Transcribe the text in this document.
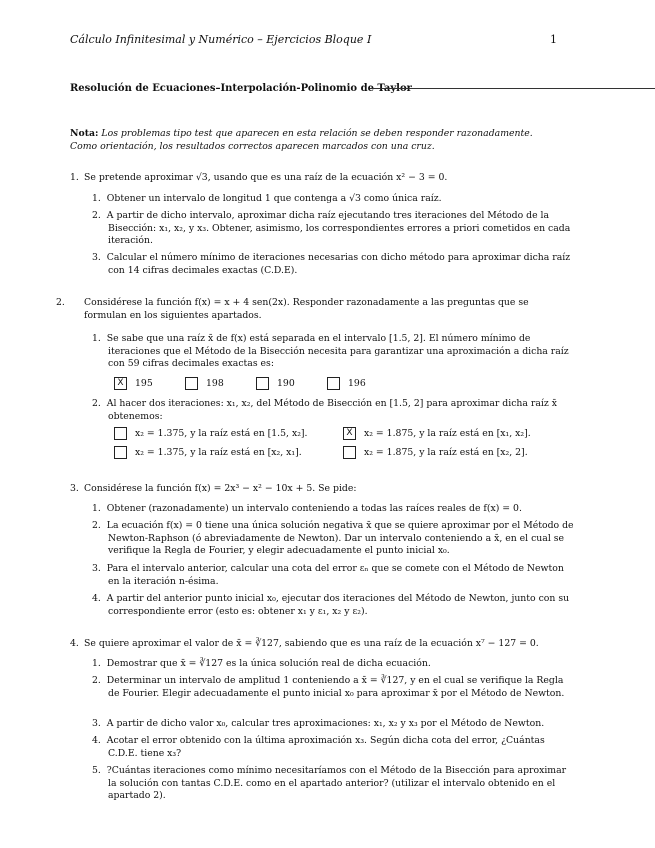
Cálculo Infinitesimal y Numérico – Ejercicios Bloque I	1
Resolución de Ecuaciones–Interpolación-Polinomio de Taylor
Nota: Los problemas tipo test que aparecen en esta relación se deben responder razonadamente. Como orientación, los resultados correctos aparecen marcados con una cruz.
1. Se pretende aproximar √3, usando que es una raíz de la ecuación x² − 3 = 0.
1.  Obtener un intervalo de longitud 1 que contenga a √3 como única raíz.
2.  A partir de dicho intervalo, aproximar dicha raíz ejecutando tres iteraciones del Método de la Bisección: x₁, x₂, y x₃. Obtener, asimismo, los correspondientes errores a priori cometidos en cada iteración.
3.  Calcular el número mínimo de iteraciones necesarias con dicho método para aproximar dicha raíz con 14 cifras decimales exactas (C.D.E).
2. Considérese la función f(x) = x + 4 sen(2x). Responder razonadamente a las preguntas que se formulan en los siguientes apartados.
1.  Se sabe que una raíz x̄ de f(x) está separada en el intervalo [1.5, 2]. El número mínimo de iteraciones que el Método de la Bisección necesita para garantizar una aproximación a dicha raíz con 59 cifras decimales exactas es:
X	195	198	190	196
2.  Al hacer dos iteraciones: x₁, x₂, del Método de Bisección en [1.5, 2] para aproximar dicha raíz x̄ obtenemos:
x₂ = 1.375, y la raíz está en [1.5, x₂].	X	x₂ = 1.875, y la raíz está en [x₁, x₂].
x₂ = 1.375, y la raíz está en [x₂, x₁].	x₂ = 1.875, y la raíz está en [x₂, 2].
3. Considérese la función f(x) = 2x³ − x² − 10x + 5. Se pide:
1.  Obtener (razonadamente) un intervalo conteniendo a todas las raíces reales de f(x) = 0.
2.  La ecuación f(x) = 0 tiene una única solución negativa x̄ que se quiere aproximar por el Método de Newton-Raphson (ó abreviadamente de Newton). Dar un intervalo conteniendo a x̄, en el cual se verifique la Regla de Fourier, y elegir adecuadamente el punto inicial x₀.
3.  Para el intervalo anterior, calcular una cota del error εₙ que se comete con el Método de Newton en la iteración n-ésima.
4.  A partir del anterior punto inicial x₀, ejecutar dos iteraciones del Método de Newton, junto con su correspondiente error (esto es: obtener x₁ y ε₁, x₂ y ε₂).
4. Se quiere aproximar el valor de x̄ = ∛127, sabiendo que es una raíz de la ecuación x⁷ − 127 = 0.
1.  Demostrar que x̄ = ∛127 es la única solución real de dicha ecuación.
2.  Determinar un intervalo de amplitud 1 conteniendo a x̄ = ∛127, y en el cual se verifique la Regla de Fourier. Elegir adecuadamente el punto inicial x₀ para aproximar x̄ por el Método de Newton.
3.  A partir de dicho valor x₀, calcular tres aproximaciones: x₁, x₂ y x₃ por el Método de Newton.
4.  Acotar el error obtenido con la última aproximación x₃. Según dicha cota del error, ¿Cuántas C.D.E. tiene x₃?
5.  ?Cuántas iteraciones como mínimo necesitaríamos con el Método de la Bisección para aproximar la solución con tantas C.D.E. como en el apartado anterior? (utilizar el intervalo obtenido en el apartado 2).
